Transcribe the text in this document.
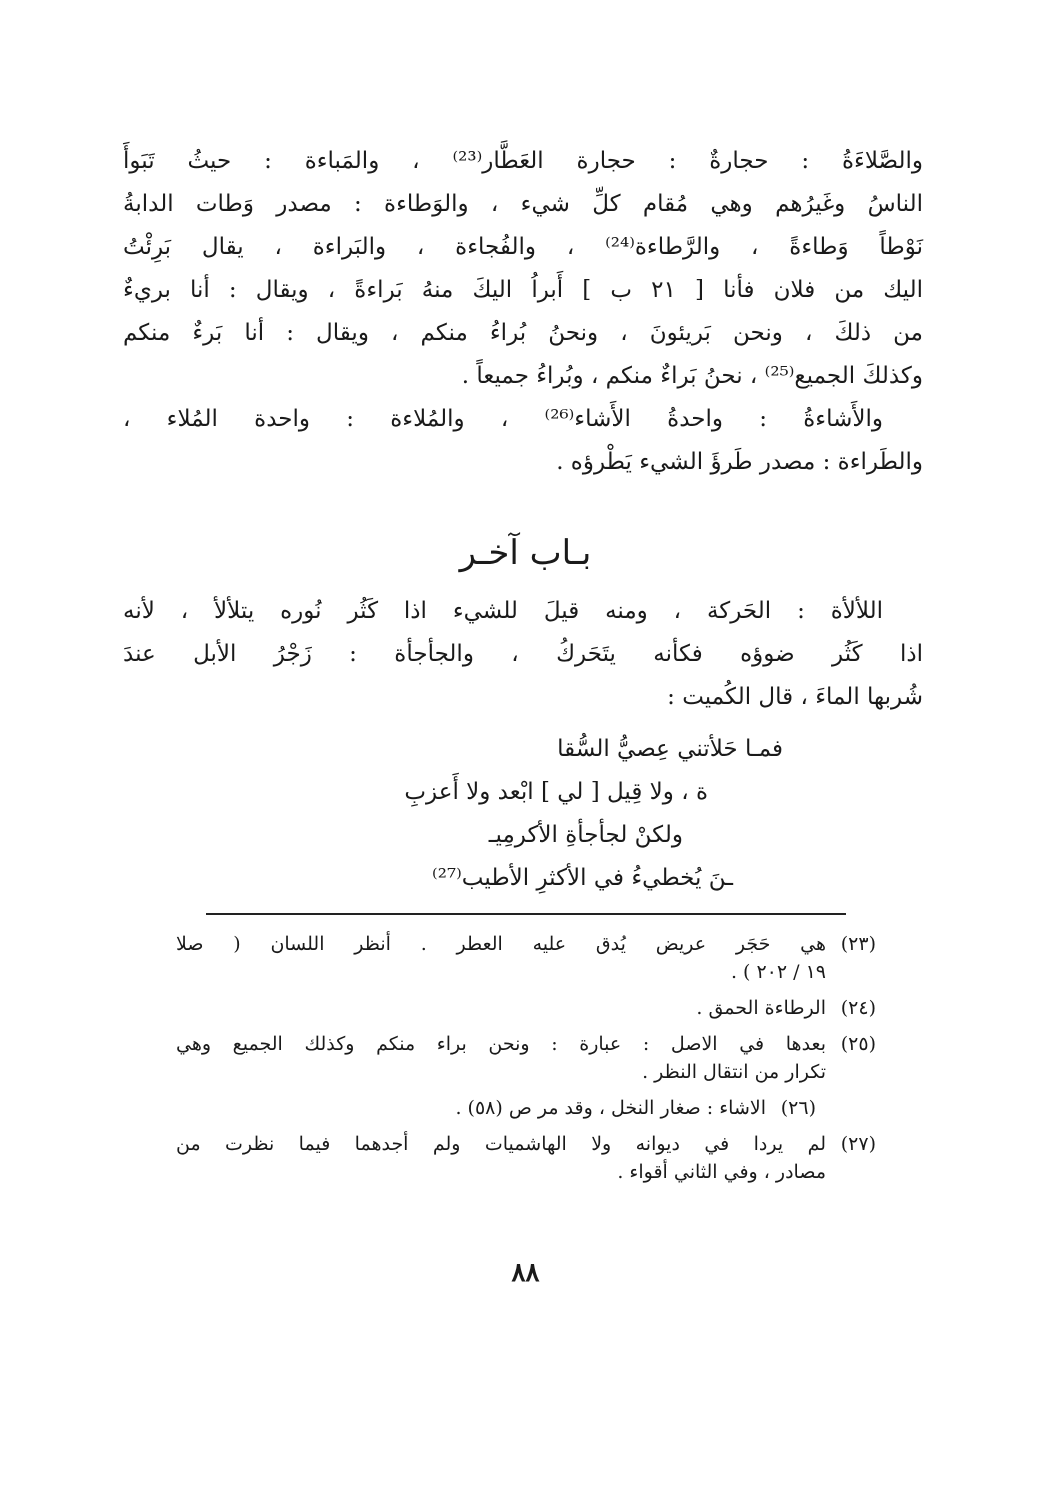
والصَّلاءَةُ : حجارةٌ : حجارة العَطَّار⁽²³⁾ ، والمَباءة : حيثُ تَبَوأَ
الناسُ وغَيرُهم وهي مُقام كلِّ شيء ، والوَطاءة : مصدر وَطات الدابةُ
نَوْطاً وَطاءةً ، والرَّطاءة⁽²⁴⁾ ، والفُجاءة ، والبَراءة ، يقال بَرِئْتُ
اليك من فلان فأنا [ ٢١ ب ] أَبراُ اليكَ منهُ بَراءةً ، ويقال : أنا بريءٌ
من ذلكَ ، ونحن بَريئونَ ، ونحنُ بُراءُ منكم ، ويقال : أنا بَرءٌ منكم
وكذلكَ الجميع⁽²⁵⁾ ، نحنُ بَراءٌ منكم ، وبُراءُ جميعاً .
والأَشاءةُ : واحدةُ الأَشاء⁽²⁶⁾ ، والمُلاءة : واحدة المُلاء ،
والطَراءة : مصدر طَرؤَ الشيء يَطْرؤه .
بـاب آخـر
اللألأة : الحَركة ، ومنه قيلَ للشيء اذا كَثُر نُوره يتلألأ ، لأنه
اذا كَثُر ضوؤه فكأنه يتَحَركُ ، والجأجأة : زَجْرُ الأبل عندَ
شُربها الماءَ ، قال الكُميت :
فمـا حَلأتني عِصيُّ السُّقا
ة ، ولا قِيل [ لي ] ابْعد ولا أَعزبِ
ولكنْ لجأجأةِ الأكرمِيـ
ـنَ يُخطيءُ في الأكثرِ الأطيب⁽²⁷⁾
(٢٣)
هي حَجَر عريض يُدق عليه العطر . أنظر اللسان ( صلا
١٩ / ٢٠٢ ) .
(٢٤)
الرطاءة الحمق .
(٢٥)
بعدها في الاصل : عبارة : ونحن براء منكم وكذلك الجميع وهي
تكرار من انتقال النظر .
(٢٦)
الاشاء : صغار النخل ، وقد مر ص (٥٨) .
(٢٧)
لم يردا في ديوانه ولا الهاشميات ولم أجدهما فيما نظرت من
مصادر ، وفي الثاني أقواء .
٨٨
